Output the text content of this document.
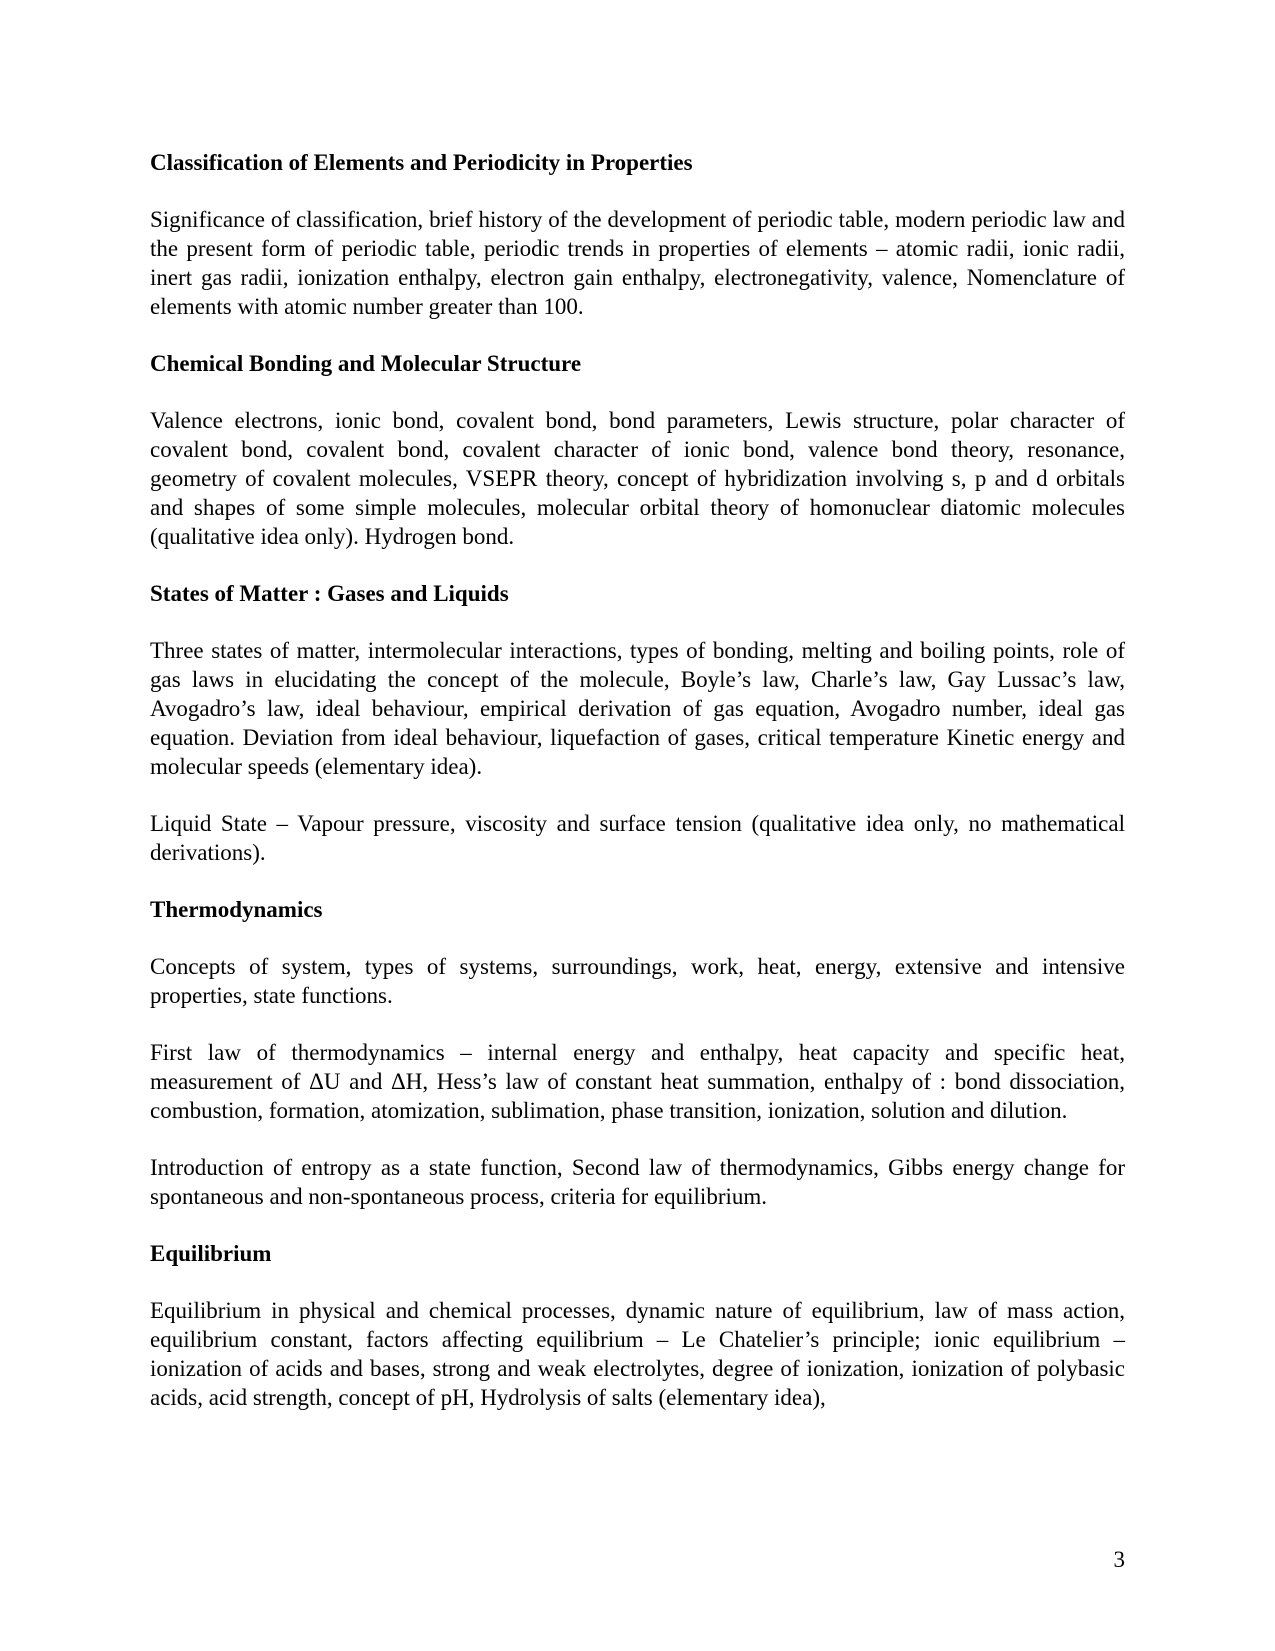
Classification of Elements and Periodicity in Properties

Significance of classification, brief history of the development of periodic table, modern periodic law and the present form of periodic table, periodic trends in properties of elements – atomic radii, ionic radii, inert gas radii, ionization enthalpy, electron gain enthalpy, electronegativity, valence, Nomenclature of elements with atomic number greater than 100.

Chemical Bonding and Molecular Structure

Valence electrons, ionic bond, covalent bond, bond parameters, Lewis structure, polar character of covalent bond, covalent bond, covalent character of ionic bond, valence bond theory, resonance, geometry of covalent molecules, VSEPR theory, concept of hybridization involving s, p and d orbitals and shapes of some simple molecules, molecular orbital theory of homonuclear diatomic molecules (qualitative idea only). Hydrogen bond.

States of Matter : Gases and Liquids

Three states of matter, intermolecular interactions, types of bonding, melting and boiling points, role of gas laws in elucidating the concept of the molecule, Boyle’s law, Charle’s law, Gay Lussac’s law, Avogadro’s law, ideal behaviour, empirical derivation of gas equation, Avogadro number, ideal gas equation. Deviation from ideal behaviour, liquefaction of gases, critical temperature Kinetic energy and molecular speeds (elementary idea).

Liquid State – Vapour pressure, viscosity and surface tension (qualitative idea only, no mathematical derivations).

Thermodynamics

Concepts of system, types of systems, surroundings, work, heat, energy, extensive and intensive properties, state functions.

First law of thermodynamics – internal energy and enthalpy, heat capacity and specific heat, measurement of ΔU and ΔH, Hess’s law of constant heat summation, enthalpy of : bond dissociation, combustion, formation, atomization, sublimation, phase transition, ionization, solution and dilution.

Introduction of entropy as a state function, Second law of thermodynamics, Gibbs energy change for spontaneous and non-spontaneous process, criteria for equilibrium.

Equilibrium

Equilibrium in physical and chemical processes, dynamic nature of equilibrium, law of mass action, equilibrium constant, factors affecting equilibrium – Le Chatelier’s principle; ionic equilibrium – ionization of acids and bases, strong and weak electrolytes, degree of ionization, ionization of polybasic acids, acid strength, concept of pH, Hydrolysis of salts (elementary idea),

3
